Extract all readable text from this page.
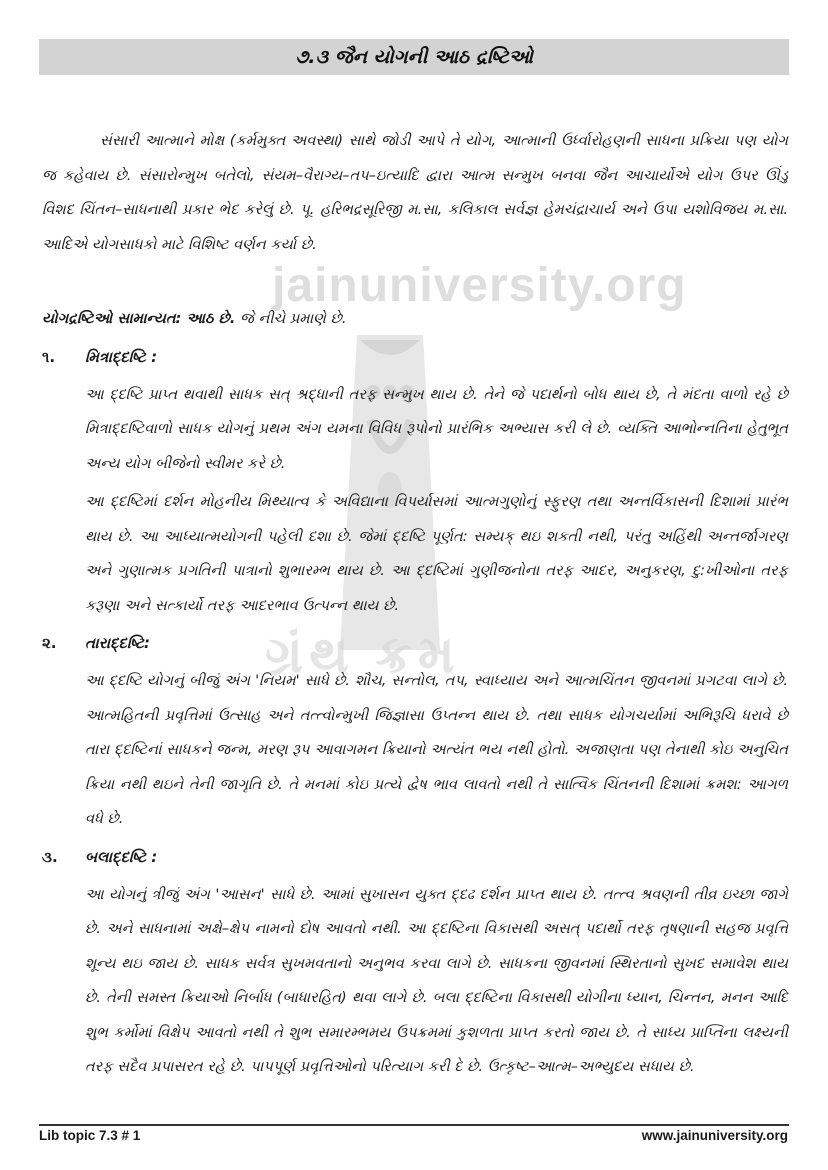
jainuniversity.org
ગ્રંથ ક્રમ
૭.૩ જૈન યોગની આઠ દ્રષ્ટિઓ

સંસારી આત્માને મોક્ષ (કર્મમુક્ત અવસ્થા) સાથે જોડી આપે તે યોગ, આત્માની ઉર્ધ્વારોહણની સાધના પ્રક્રિયા પણ યોગ જ કહેવાય છે. સંસારોન્મુખ બતેલો, સંયમ–વૈરાગ્ય–તપ–ઇત્યાદિ દ્વારા આત્મ સન્મુખ બનવા જૈન આચાર્યોએ યોગ ઉપર ઊંડુ વિશદ ચિંતન–સાધનાથી પ્રકાર ભેદ કરેલું છે. પૂ. હરિભદ્રસૂરિજી મ.સા, કલિકાલ સર્વજ્ઞ હેમચંદ્રાચાર્ય અને ઉપા યશોવિજય મ.સા. આદિએ યોગસાધકો માટે વિશિષ્ટ વર્ણન કર્યા છે.

યોગદ્રષ્ટિઓ સામાન્યત: આઠ છે. જે નીચે પ્રમાણે છે.

૧. મિત્રાદ્દષ્ટિ :

આ દ્દષ્ટિ પ્રાપ્ત થવાથી સાધક સત્ શ્રદ્ધાની તરફ સન્મુખ થાય છે. તેને જે પદાર્થનો બોધ થાય છે, તે મંદતા વાળો રહે છે મિત્રાદ્દષ્ટિવાળો સાધક યોગનું પ્રથમ અંગ યમના વિવિધ રૂપોનો પ્રારંભિક અભ્યાસ કરી લે છે. વ્યક્તિ આભોન્નતિના હેતુભૂત અન્ય યોગ બીજેનો સ્વીમર કરે છે.

આ દ્દષ્ટિમાં દર્શન મોહનીય મિથ્યાત્વ કે અવિદ્યાના વિપર્યાસમાં આત્મગુણોનું સ્ફુરણ તથા અન્તર્વિકાસની દિશામાં પ્રારંભ થાય છે. આ આધ્યાત્મયોગની પહેલી દશા છે. જેમાં દ્દષ્ટિ પૂર્ણત: સમ્યક્ થઇ શકતી નથી, પરંતુ અહિંથી અન્તર્જાગરણ અને ગુણાત્મક પ્રગતિની પાત્રાનો શુભારમ્ભ થાય છે. આ દ્દષ્ટિમાં ગુણીજનોના તરફ આદર, અનુકરણ, દુ:ખીઓના તરફ કરૂણા અને સત્કાર્યો તરફ આદરભાવ ઉત્પન્ન થાય છે.

૨. તારાદ્દષ્ટિ:

આ દ્દષ્ટિ યોગનું બીજું અંગ 'નિયમ' સાધે છે. શૌચ, સન્તોલ, તપ, સ્વાધ્યાય અને આત્મચિંતન જીવનમાં પ્રગટવા લાગે છે. આત્મહિતની પ્રવૃત્તિમાં ઉત્સાહ અને તત્ત્વોન્મુખી જિજ્ઞાસા ઉપ્તન્ન થાય છે. તથા સાધક યોગચર્યામાં અભિરૂચિ ધરાવે છે તારા દ્દષ્ટિનાં સાધકને જન્મ, મરણ રૂપ આવાગમન ક્રિયાનો અત્યંત ભય નથી હોતો. અજાણતા પણ તેનાથી કોઇ અનુચિત ક્રિયા નથી થઇને તેની જાગૃતિ છે. તે મનમાં કોઇ પ્રત્યે દ્વેષ ભાવ લાવતો નથી તે સાત્વિક ચિંતનની દિશામાં ક્રમશ: આગળ વધે છે.

૩. બલાદ્દષ્ટિ :

આ યોગનું ત્રીજું અંગ 'આસન' સાધે છે. આમાં સુખાસન યુક્ત દ્દઢ દર્શન પ્રાપ્ત થાય છે. તત્ત્વ શ્રવણની તીવ્ર ઇચ્છા જાગે છે. અને સાધનામાં અક્ષે–ક્ષેપ નામનો દોષ આવતો નથી. આ દ્દષ્ટિના વિકાસથી અસત્ પદાર્થો તરફ તૃષણાની સહજ પ્રવૃત્તિ શૂન્ય થઇ જાય છે. સાધક સર્વત્ર સુખમવતાનો અનુભવ કરવા લાગે છે. સાધકના જીવનમાં સ્થિરતાનો સુખદ સમાવેશ થાય છે. તેની સમસ્ત ક્રિયાઓ નિર્બાધ (બાધારહિત) થવા લાગે છે. બલા દ્દષ્ટિના વિકાસથી યોગીના ધ્યાન, ચિન્તન, મનન આદિ શુભ કર્મોમાં વિક્ષેપ આવતો નથી તે શુભ સમારમ્ભમય ઉપક્રમમાં કુશળતા પ્રાપ્ત કરતો જાય છે. તે સાધ્ય પ્રાપ્તિના લક્ષ્યની તરફ સદૈવ પ્રપાસરત રહે છે. પાપપૂર્ણ પ્રવૃત્તિઓનો પરિત્યાગ કરી દે છે. ઉત્કૃષ્ટ–આત્મ–અભ્યુદય સધાય છે.

Lib topic 7.3 # 1	www.jainuniversity.org
